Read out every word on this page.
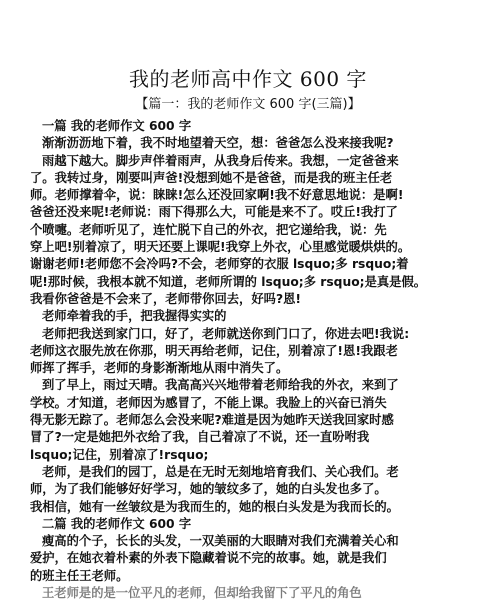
我的老师高中作文 600 字
【篇一：我的老师作文 600 字(三篇)】
一篇 我的老师作文 600 字
渐渐沥沥地下着，我不时地望着天空，想：爸爸怎么没来接我呢?
雨越下越大。脚步声伴着雨声，从我身后传来。我想，一定爸爸来
了。我转过身，刚要叫声爸!没想到她不是爸爸，而是我的班主任老
师。老师撑着伞，说：睐睐!怎么还没回家啊!我不好意思地说：是啊!
爸爸还没来呢!老师说：雨下得那么大，可能是来不了。哎丘!我打了
个喷嚏。老师听见了，连忙脱下自己的外衣，把它递给我，说：先
穿上吧!别着凉了，明天还要上课呢!我穿上外衣，心里感觉暖烘烘的。
谢谢老师!老师您不会冷吗?不会，老师穿的衣服 lsquo;多 rsquo;着
呢!那时候，我根本就不知道，老师所谓的 lsquo;多 rsquo;是真是假。
我看你爸爸是不会来了，老师带你回去，好吗?恩!
老师牵着我的手，把我握得实实的
老师把我送到家门口，好了，老师就送你到门口了，你进去吧!我说:
老师这衣服先放在你那，明天再给老师，记住，别着凉了!恩!我跟老
师挥了挥手，老师的身影渐渐地从雨中消失了。
到了早上，雨过天晴。我高高兴兴地带着老师给我的外衣，来到了
学校。才知道，老师因为感冒了，不能上课。我脸上的兴奋已消失
得无影无踪了。老师怎么会没来呢?难道是因为她昨天送我回家时感
冒了?一定是她把外衣给了我，自己着凉了不说，还一直吩咐我
lsquo;记住，别着凉了!rsquo;
老师，是我们的园丁，总是在无时无刻地培育我们、关心我们。老
师，为了我们能够好好学习，她的皱纹多了，她的白头发也多了。
我相信，她有一丝皱纹是为我而生的，她的根白头发是为我而长的。
二篇 我的老师作文 600 字
瘦高的个子，长长的头发，一双美丽的大眼睛对我们充满着关心和
爱护，在她衣着朴素的外表下隐藏着说不完的故事。她，就是我们
的班主任王老师。
王老师是的是一位平凡的老师，但却给我留下了平凡的角色
